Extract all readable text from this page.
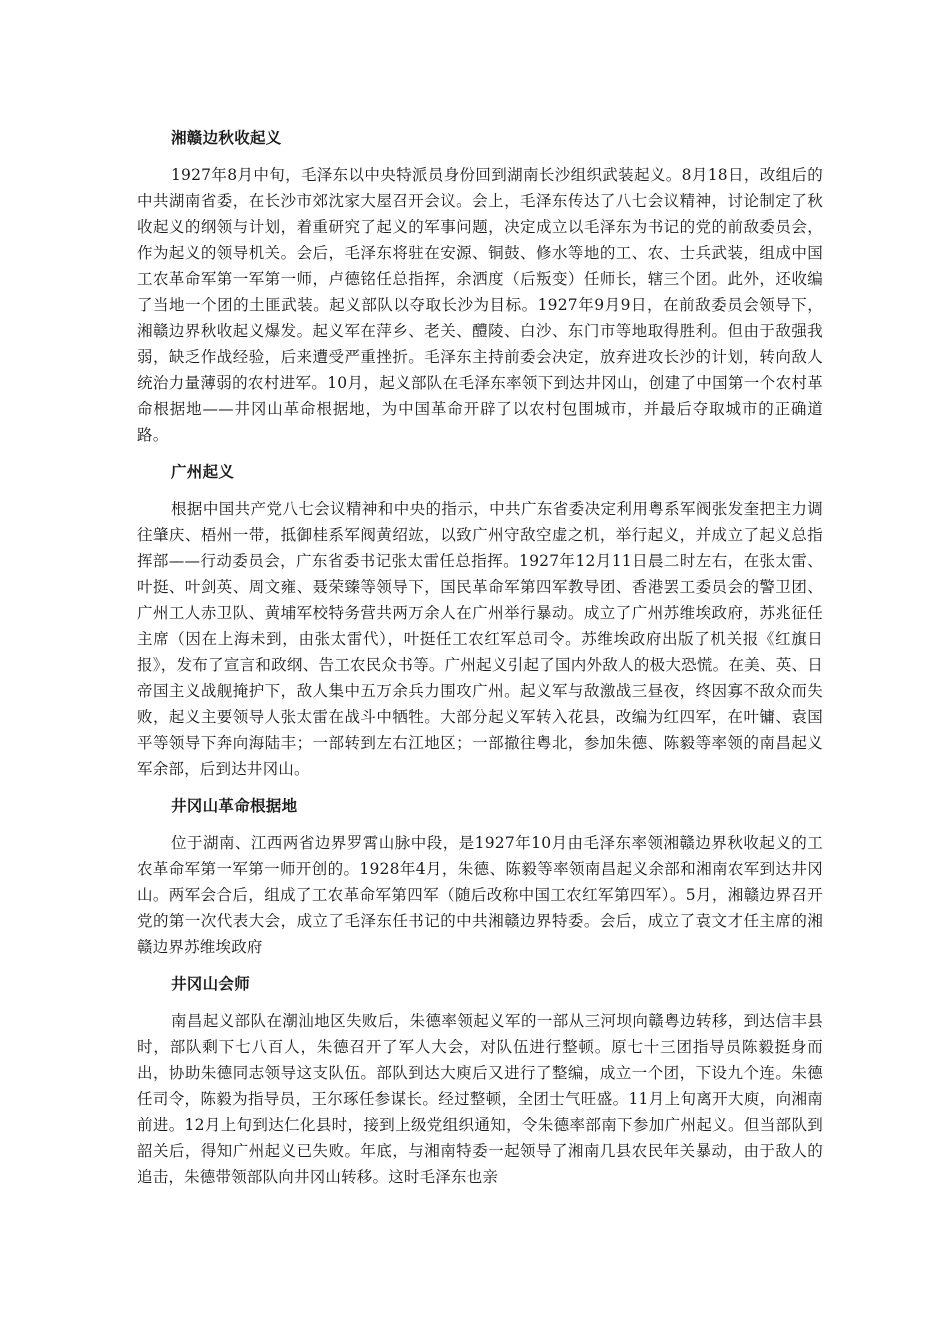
湘赣边秋收起义

1927年8月中旬，毛泽东以中央特派员身份回到湖南长沙组织武装起义。8月18日，改组后的中共湖南省委，在长沙市郊沈家大屋召开会议。会上，毛泽东传达了八七会议精神，讨论制定了秋收起义的纲领与计划，着重研究了起义的军事问题，决定成立以毛泽东为书记的党的前敌委员会，作为起义的领导机关。会后，毛泽东将驻在安源、铜鼓、修水等地的工、农、士兵武装，组成中国工农革命军第一军第一师，卢德铭任总指挥，余洒度（后叛变）任师长，辖三个团。此外，还收编了当地一个团的土匪武装。起义部队以夺取长沙为目标。1927年9月9日，在前敌委员会领导下，湘赣边界秋收起义爆发。起义军在萍乡、老关、醴陵、白沙、东门市等地取得胜利。但由于敌强我弱，缺乏作战经验，后来遭受严重挫折。毛泽东主持前委会决定，放弃进攻长沙的计划，转向敌人统治力量薄弱的农村进军。10月，起义部队在毛泽东率领下到达井冈山，创建了中国第一个农村革命根据地——井冈山革命根据地，为中国革命开辟了以农村包围城市，并最后夺取城市的正确道路。

广州起义

根据中国共产党八七会议精神和中央的指示，中共广东省委决定利用粤系军阀张发奎把主力调往肇庆、梧州一带，抵御桂系军阀黄绍竑，以致广州守敌空虚之机，举行起义，并成立了起义总指挥部——行动委员会，广东省委书记张太雷任总指挥。1927年12月11日晨二时左右，在张太雷、叶挺、叶剑英、周文雍、聂荣臻等领导下，国民革命军第四军教导团、香港罢工委员会的警卫团、广州工人赤卫队、黄埔军校特务营共两万余人在广州举行暴动。成立了广州苏维埃政府，苏兆征任主席（因在上海未到，由张太雷代），叶挺任工农红军总司令。苏维埃政府出版了机关报《红旗日报》，发布了宣言和政纲、告工农民众书等。广州起义引起了国内外敌人的极大恐慌。在美、英、日帝国主义战舰掩护下，敌人集中五万余兵力围攻广州。起义军与敌激战三昼夜，终因寡不敌众而失败，起义主要领导人张太雷在战斗中牺牲。大部分起义军转入花县，改编为红四军，在叶镛、袁国平等领导下奔向海陆丰；一部转到左右江地区；一部撤往粤北，参加朱德、陈毅等率领的南昌起义军余部，后到达井冈山。

井冈山革命根据地

位于湖南、江西两省边界罗霄山脉中段，是1927年10月由毛泽东率领湘赣边界秋收起义的工农革命军第一军第一师开创的。1928年4月，朱德、陈毅等率领南昌起义余部和湘南农军到达井冈山。两军会合后，组成了工农革命军第四军（随后改称中国工农红军第四军）。5月，湘赣边界召开党的第一次代表大会，成立了毛泽东任书记的中共湘赣边界特委。会后，成立了袁文才任主席的湘赣边界苏维埃政府

井冈山会师

南昌起义部队在潮汕地区失败后，朱德率领起义军的一部从三河坝向赣粤边转移，到达信丰县时，部队剩下七八百人，朱德召开了军人大会，对队伍进行整顿。原七十三团指导员陈毅挺身而出，协助朱德同志领导这支队伍。部队到达大庾后又进行了整编，成立一个团，下设九个连。朱德任司令，陈毅为指导员，王尔琢任参谋长。经过整顿，全团士气旺盛。11月上旬离开大庾，向湘南前进。12月上旬到达仁化县时，接到上级党组织通知，令朱德率部南下参加广州起义。但当部队到韶关后，得知广州起义已失败。年底，与湘南特委一起领导了湘南几县农民年关暴动，由于敌人的追击，朱德带领部队向井冈山转移。这时毛泽东也亲
